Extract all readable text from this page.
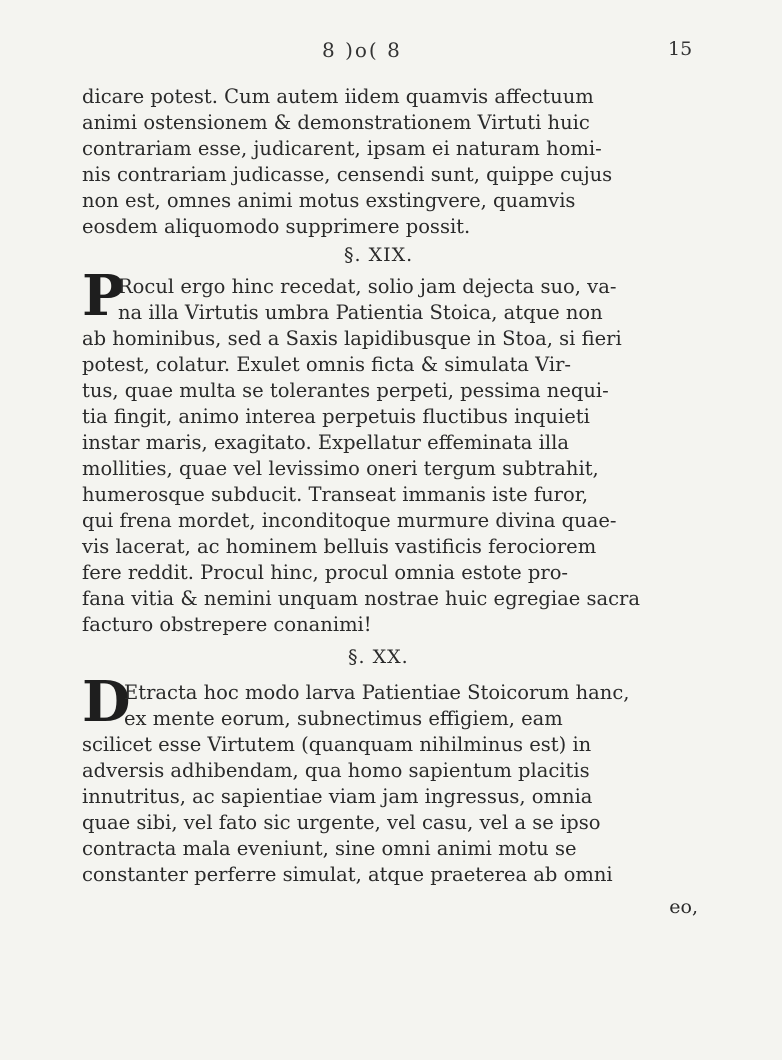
8 )o( 8	15
dicare potest. Cum autem iidem quamvis affectuum
animi ostensionem & demonstrationem Virtuti huic
contrariam esse, judicarent, ipsam ei naturam homi-
nis contrariam judicasse, censendi sunt, quippe cujus
non est, omnes animi motus exstingvere, quamvis
eosdem aliquomodo supprimere possit.
§. XIX.
P
Rocul ergo hinc recedat, solio jam dejecta suo, va-
na illa Virtutis umbra Patientia Stoica, atque non
ab hominibus, sed a Saxis lapidibusque in Stoa, si fieri
potest, colatur. Exulet omnis ficta & simulata Vir-
tus, quae multa se tolerantes perpeti, pessima nequi-
tia fingit, animo interea perpetuis fluctibus inquieti
instar maris, exagitato. Expellatur effeminata illa
mollities, quae vel levissimo oneri tergum subtrahit,
humerosque subducit. Transeat immanis iste furor,
qui frena mordet, inconditoque murmure divina quae-
vis lacerat, ac hominem belluis vastificis ferociorem
fere reddit. Procul hinc, procul omnia estote pro-
fana vitia & nemini unquam nostrae huic egregiae sacra
facturo obstrepere conanimi!
§. XX.
D
Etracta hoc modo larva Patientiae Stoicorum hanc,
ex mente eorum, subnectimus effigiem, eam
scilicet esse Virtutem (quanquam nihilminus est) in
adversis adhibendam, qua homo sapientum placitis
innutritus, ac sapientiae viam jam ingressus, omnia
quae sibi, vel fato sic urgente, vel casu, vel a se ipso
contracta mala eveniunt, sine omni animi motu se
constanter perferre simulat, atque praeterea ab omni
eo,
